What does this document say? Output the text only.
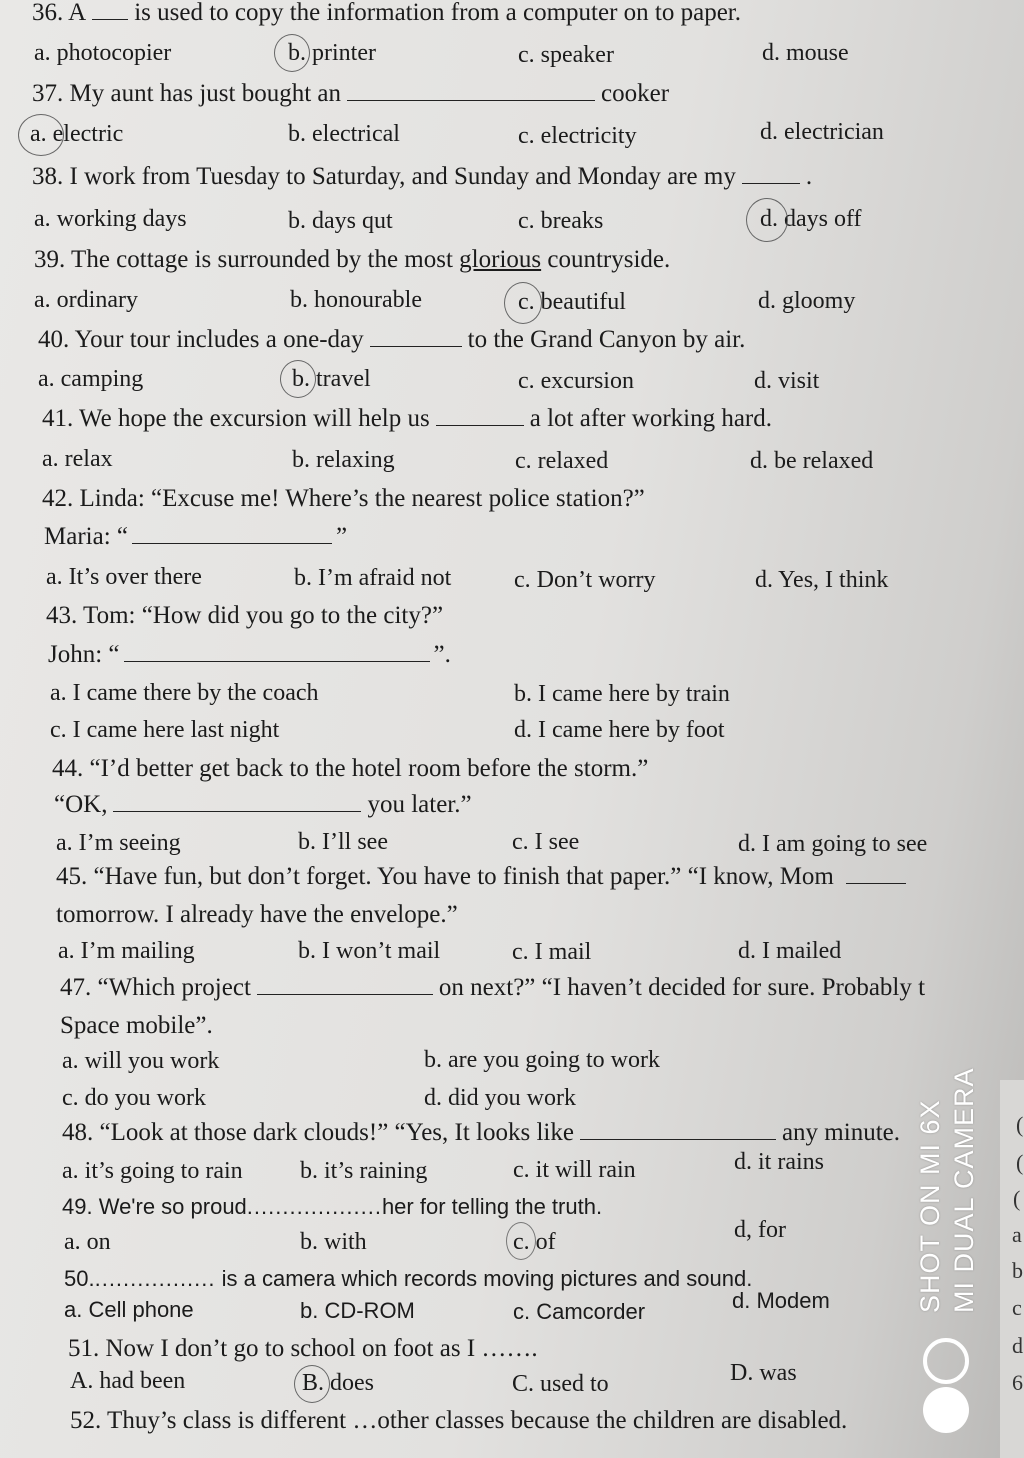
36. A is used to copy the information from a computer on to paper.
a. photocopier	b. printer	c. speaker	d. mouse
37. My aunt has just bought an	cooker
a. electric	b. electrical	c. electricity	d. electrician
38. I work from Tuesday to Saturday, and Sunday and Monday are my	.
a. working days	b. days qut	c. breaks	d. days off
39. The cottage is surrounded by the most glorious countryside.
a. ordinary	b. honourable	c. beautiful	d. gloomy
40. Your tour includes a one-day	to the Grand Canyon by air.
a. camping	b. travel	c. excursion	d. visit
41. We hope the excursion will help us	a lot after working hard.
a. relax	b. relaxing	c. relaxed	d. be relaxed
42. Linda: “Excuse me! Where’s the nearest police station?”
Maria: “	”
a. It’s over there	b. I’m afraid not	c. Don’t worry	d. Yes, I think
43. Tom: “How did you go to the city?”
John: “	”.
a. I came there by the coach	b. I came here by train
c. I came here last night	d. I came here by foot
44. “I’d better get back to the hotel room before the storm.”
“OK,	you later.”
a. I’m seeing	b. I’ll see	c. I see	d. I am going to see
45. “Have fun, but don’t forget. You have to finish that paper.” “I know, Mom
tomorrow. I already have the envelope.”
a. I’m mailing	b. I won’t mail	c. I mail	d. I mailed
47. “Which project	on next?” “I haven’t decided for sure. Probably t
Space mobile”.
a. will you work	b. are you going to work
c. do you work	d. did you work
48. “Look at those dark clouds!” “Yes, It looks like	any minute.
a. it’s going to rain b. it’s raining	c. it will rain	d. it rains
49. We're so proud...................her for telling the truth.
a. on	b. with	c. of	d, for
50.................. is a camera which records moving pictures and sound.
a. Cell phone	b. CD-ROM	c. Camcorder	d. Modem
51. Now I don’t go to school on foot as I …….
A. had been	B. does	C. used to	D. was
52. Thuy’s class is different …other classes because the children are disabled.
(
(
(
a
b
c
d
6
SHOT ON MI 6X MI DUAL CAMERA
